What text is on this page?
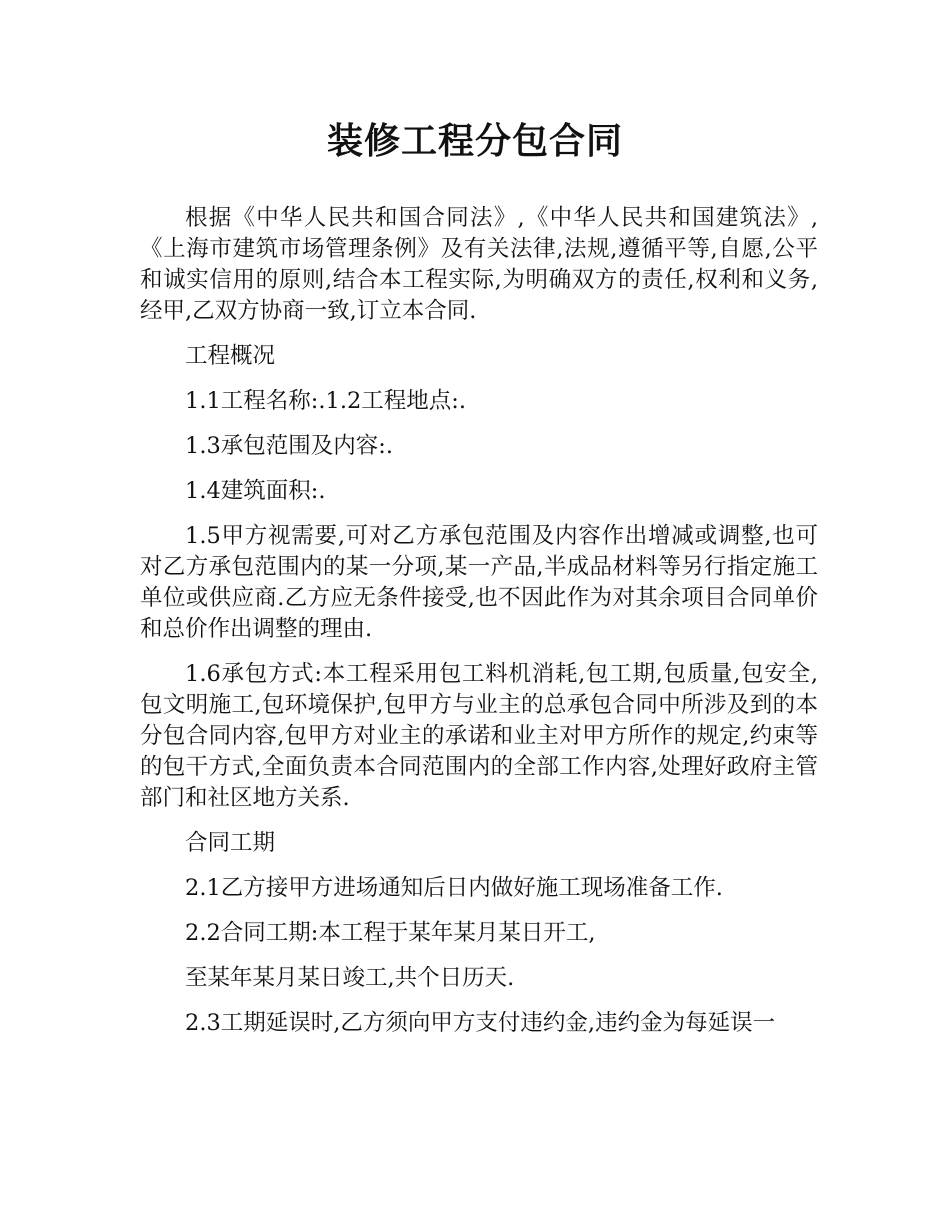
装修工程分包合同

根据《中华人民共和国合同法》,《中华人民共和国建筑法》,《上海市建筑市场管理条例》及有关法律,法规,遵循平等,自愿,公平和诚实信用的原则,结合本工程实际,为明确双方的责任,权利和义务,经甲,乙双方协商一致,订立本合同.

工程概况

1.1工程名称:.1.2工程地点:.

1.3承包范围及内容:.

1.4建筑面积:.

1.5甲方视需要,可对乙方承包范围及内容作出增减或调整,也可对乙方承包范围内的某一分项,某一产品,半成品材料等另行指定施工单位或供应商.乙方应无条件接受,也不因此作为对其余项目合同单价和总价作出调整的理由.

1.6承包方式:本工程采用包工料机消耗,包工期,包质量,包安全,包文明施工,包环境保护,包甲方与业主的总承包合同中所涉及到的本分包合同内容,包甲方对业主的承诺和业主对甲方所作的规定,约束等的包干方式,全面负责本合同范围内的全部工作内容,处理好政府主管部门和社区地方关系.

合同工期

2.1乙方接甲方进场通知后日内做好施工现场准备工作.

2.2合同工期:本工程于某年某月某日开工,

至某年某月某日竣工,共个日历天.

2.3工期延误时,乙方须向甲方支付违约金,违约金为每延误一
